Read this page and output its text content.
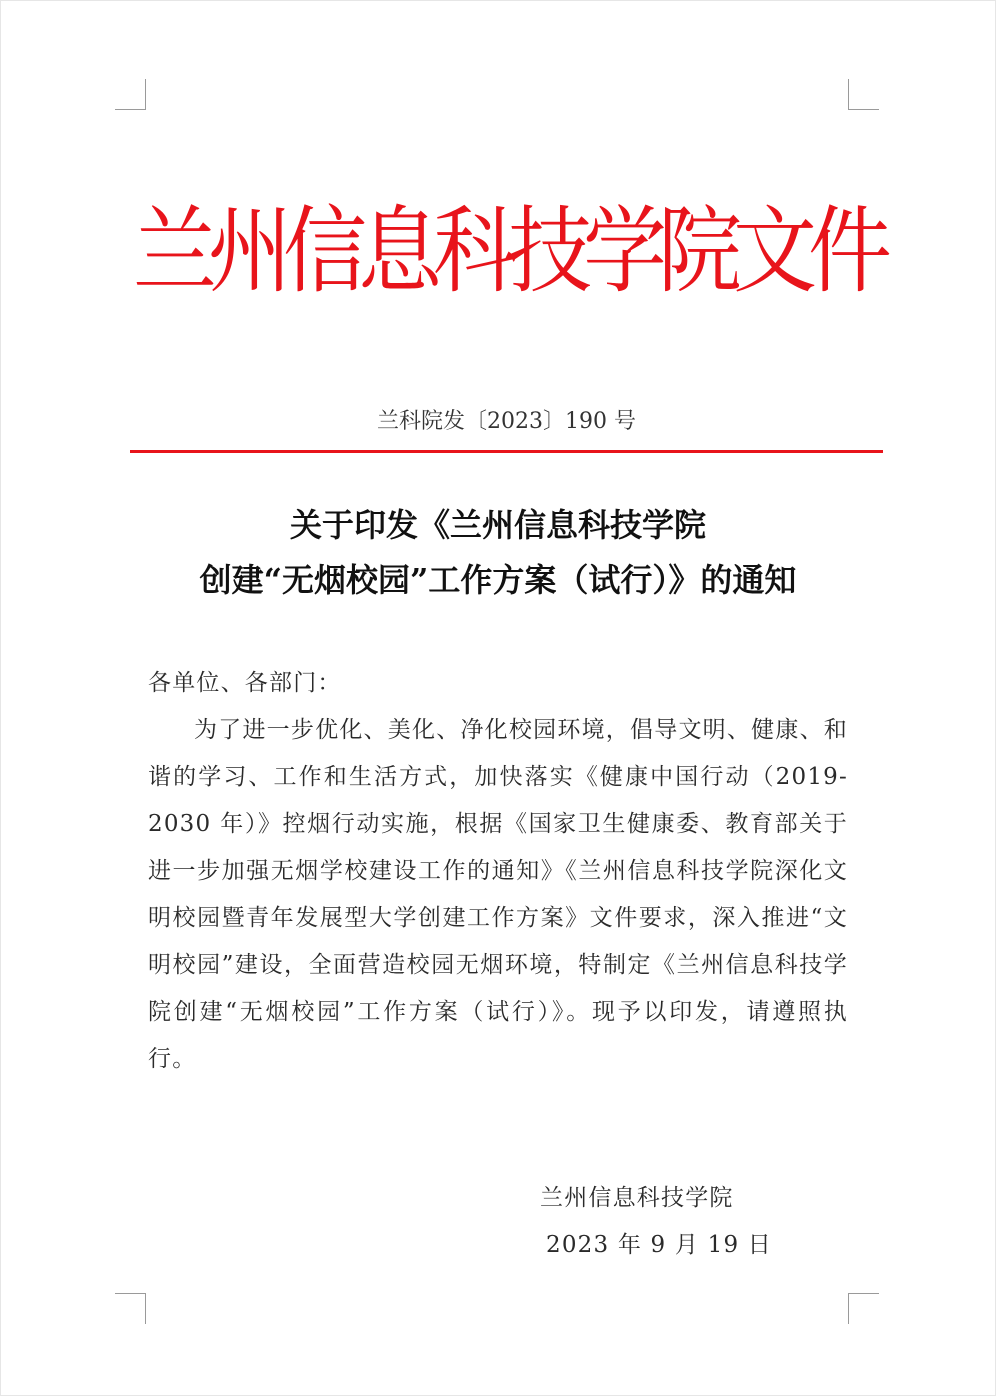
兰州信息科技学院文件
兰科院发〔2023〕190 号
关于印发《兰州信息科技学院
创建“无烟校园”工作方案（试行）》的通知
各单位、各部门：
为了进一步优化、美化、净化校园环境，倡导文明、健康、和谐的学习、工作和生活方式，加快落实《健康中国行动（2019-2030 年）》控烟行动实施，根据《国家卫生健康委、教育部关于进一步加强无烟学校建设工作的通知》《兰州信息科技学院深化文明校园暨青年发展型大学创建工作方案》文件要求，深入推进“文明校园”建设，全面营造校园无烟环境，特制定《兰州信息科技学院创建“无烟校园”工作方案（试行）》。现予以印发，请遵照执行。
兰州信息科技学院
2023 年 9 月 19 日
